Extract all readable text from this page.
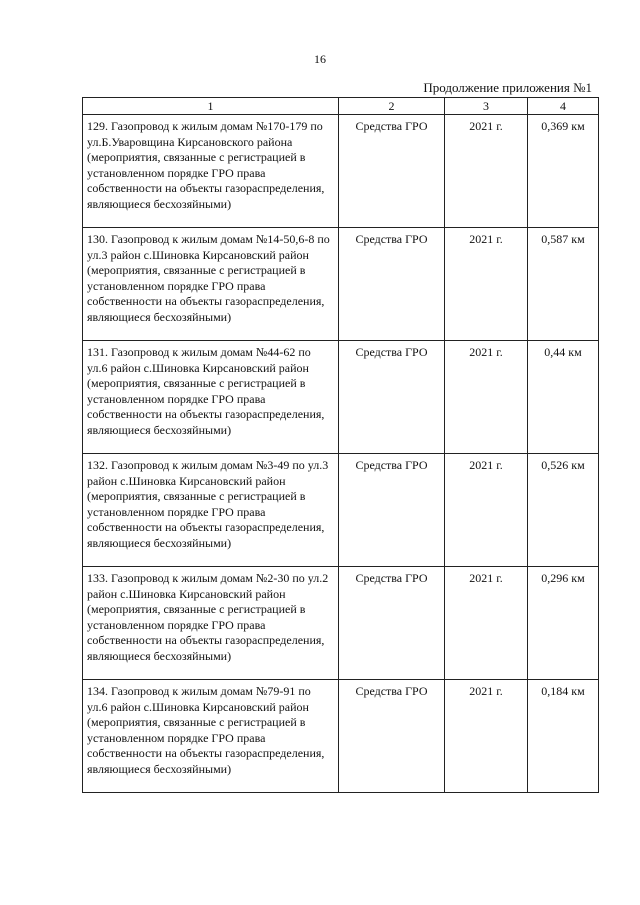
16
Продолжение приложения №1
1	2	3	4
129. Газопровод к жилым домам №170-179 по ул.Б.Уваровщина Кирсановского района (мероприятия, связанные с регистрацией в установленном порядке ГРО права собственности на объекты газораспределения, являющиеся бесхозяйными)	Средства ГРО	2021 г.	0,369 км
130. Газопровод к жилым домам №14-50,6-8 по ул.3 район с.Шиновка Кирсановский район (мероприятия, связанные с регистрацией в установленном порядке ГРО права собственности на объекты газораспределения, являющиеся бесхозяйными)	Средства ГРО	2021 г.	0,587 км
131. Газопровод к жилым домам №44-62 по ул.6 район с.Шиновка Кирсановский район (мероприятия, связанные с регистрацией в установленном порядке ГРО права собственности на объекты газораспределения, являющиеся бесхозяйными)	Средства ГРО	2021 г.	0,44 км
132. Газопровод к жилым домам №3-49 по ул.3 район с.Шиновка Кирсановский район (мероприятия, связанные с регистрацией в установленном порядке ГРО права собственности на объекты газораспределения, являющиеся бесхозяйными)	Средства ГРО	2021 г.	0,526 км
133. Газопровод к жилым домам №2-30 по ул.2 район с.Шиновка Кирсановский район (мероприятия, связанные с регистрацией в установленном порядке ГРО права собственности на объекты газораспределения, являющиеся бесхозяйными)	Средства ГРО	2021 г.	0,296 км
134. Газопровод к жилым домам №79-91 по ул.6 район с.Шиновка Кирсановский район (мероприятия, связанные с регистрацией в установленном порядке ГРО права собственности на объекты газораспределения, являющиеся бесхозяйными)	Средства ГРО	2021 г.	0,184 км
